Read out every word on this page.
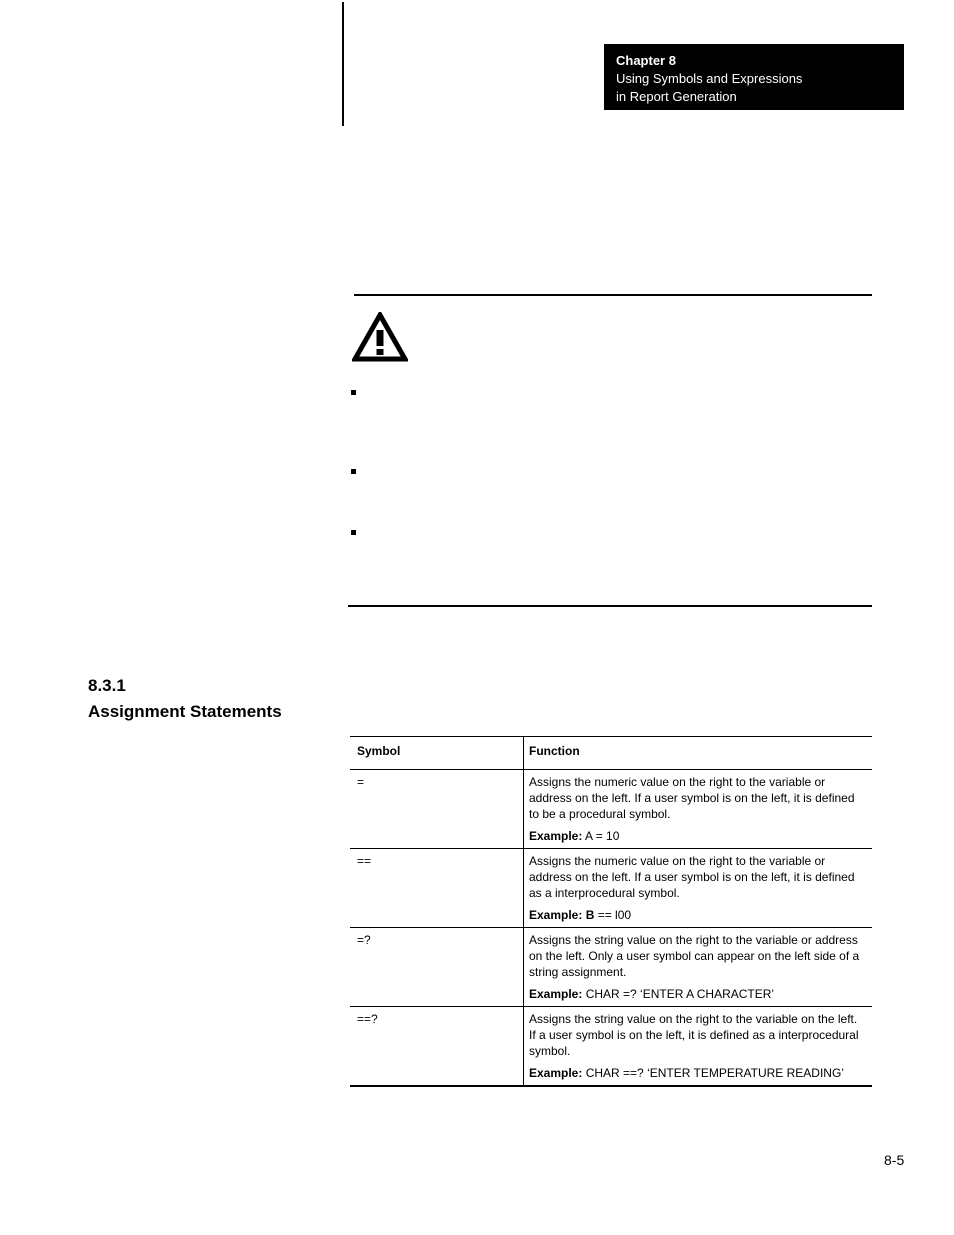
Chapter 8
Using Symbols and Expressions
in Report Generation
8.3.1
Assignment Statements
Symbol	Function
=	Assigns the numeric value on the right to the variable or address on the left. If a user symbol is on the left, it is defined to be a procedural symbol.
Example: A = 10
==	Assigns the numeric value on the right to the variable or address on the left. If a user symbol is on the left, it is defined as a interprocedural symbol.
Example: B == l00
=?	Assigns the string value on the right to the variable or address on the left. Only a user symbol can appear on the left side of a string assignment.
Example: CHAR =? ‘ENTER A CHARACTER’
==?	Assigns the string value on the right to the variable on the left. If a user symbol is on the left, it is defined as a interprocedural symbol.
Example: CHAR ==? ‘ENTER TEMPERATURE READING’
8-5
